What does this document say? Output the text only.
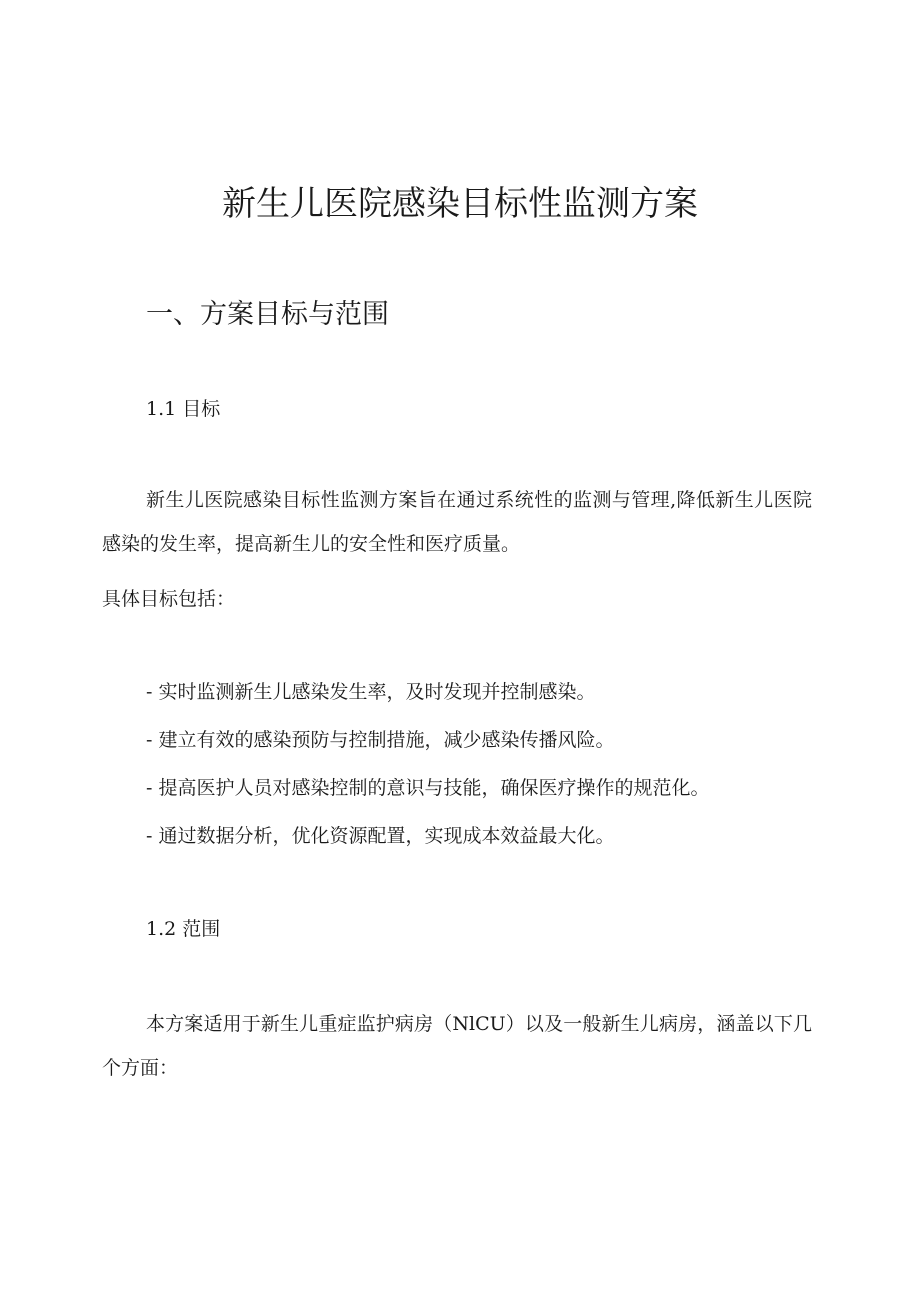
新生儿医院感染目标性监测方案
一、方案目标与范围
1.1 目标
新生儿医院感染目标性监测方案旨在通过系统性的监测与管理,降低新生儿医院感染的发生率，提高新生儿的安全性和医疗质量。
具体目标包括：
- 实时监测新生儿感染发生率，及时发现并控制感染。
- 建立有效的感染预防与控制措施，减少感染传播风险。
- 提高医护人员对感染控制的意识与技能，确保医疗操作的规范化。
- 通过数据分析，优化资源配置，实现成本效益最大化。
1.2 范围
本方案适用于新生儿重症监护病房（NlCU）以及一般新生儿病房，涵盖以下几个方面：
